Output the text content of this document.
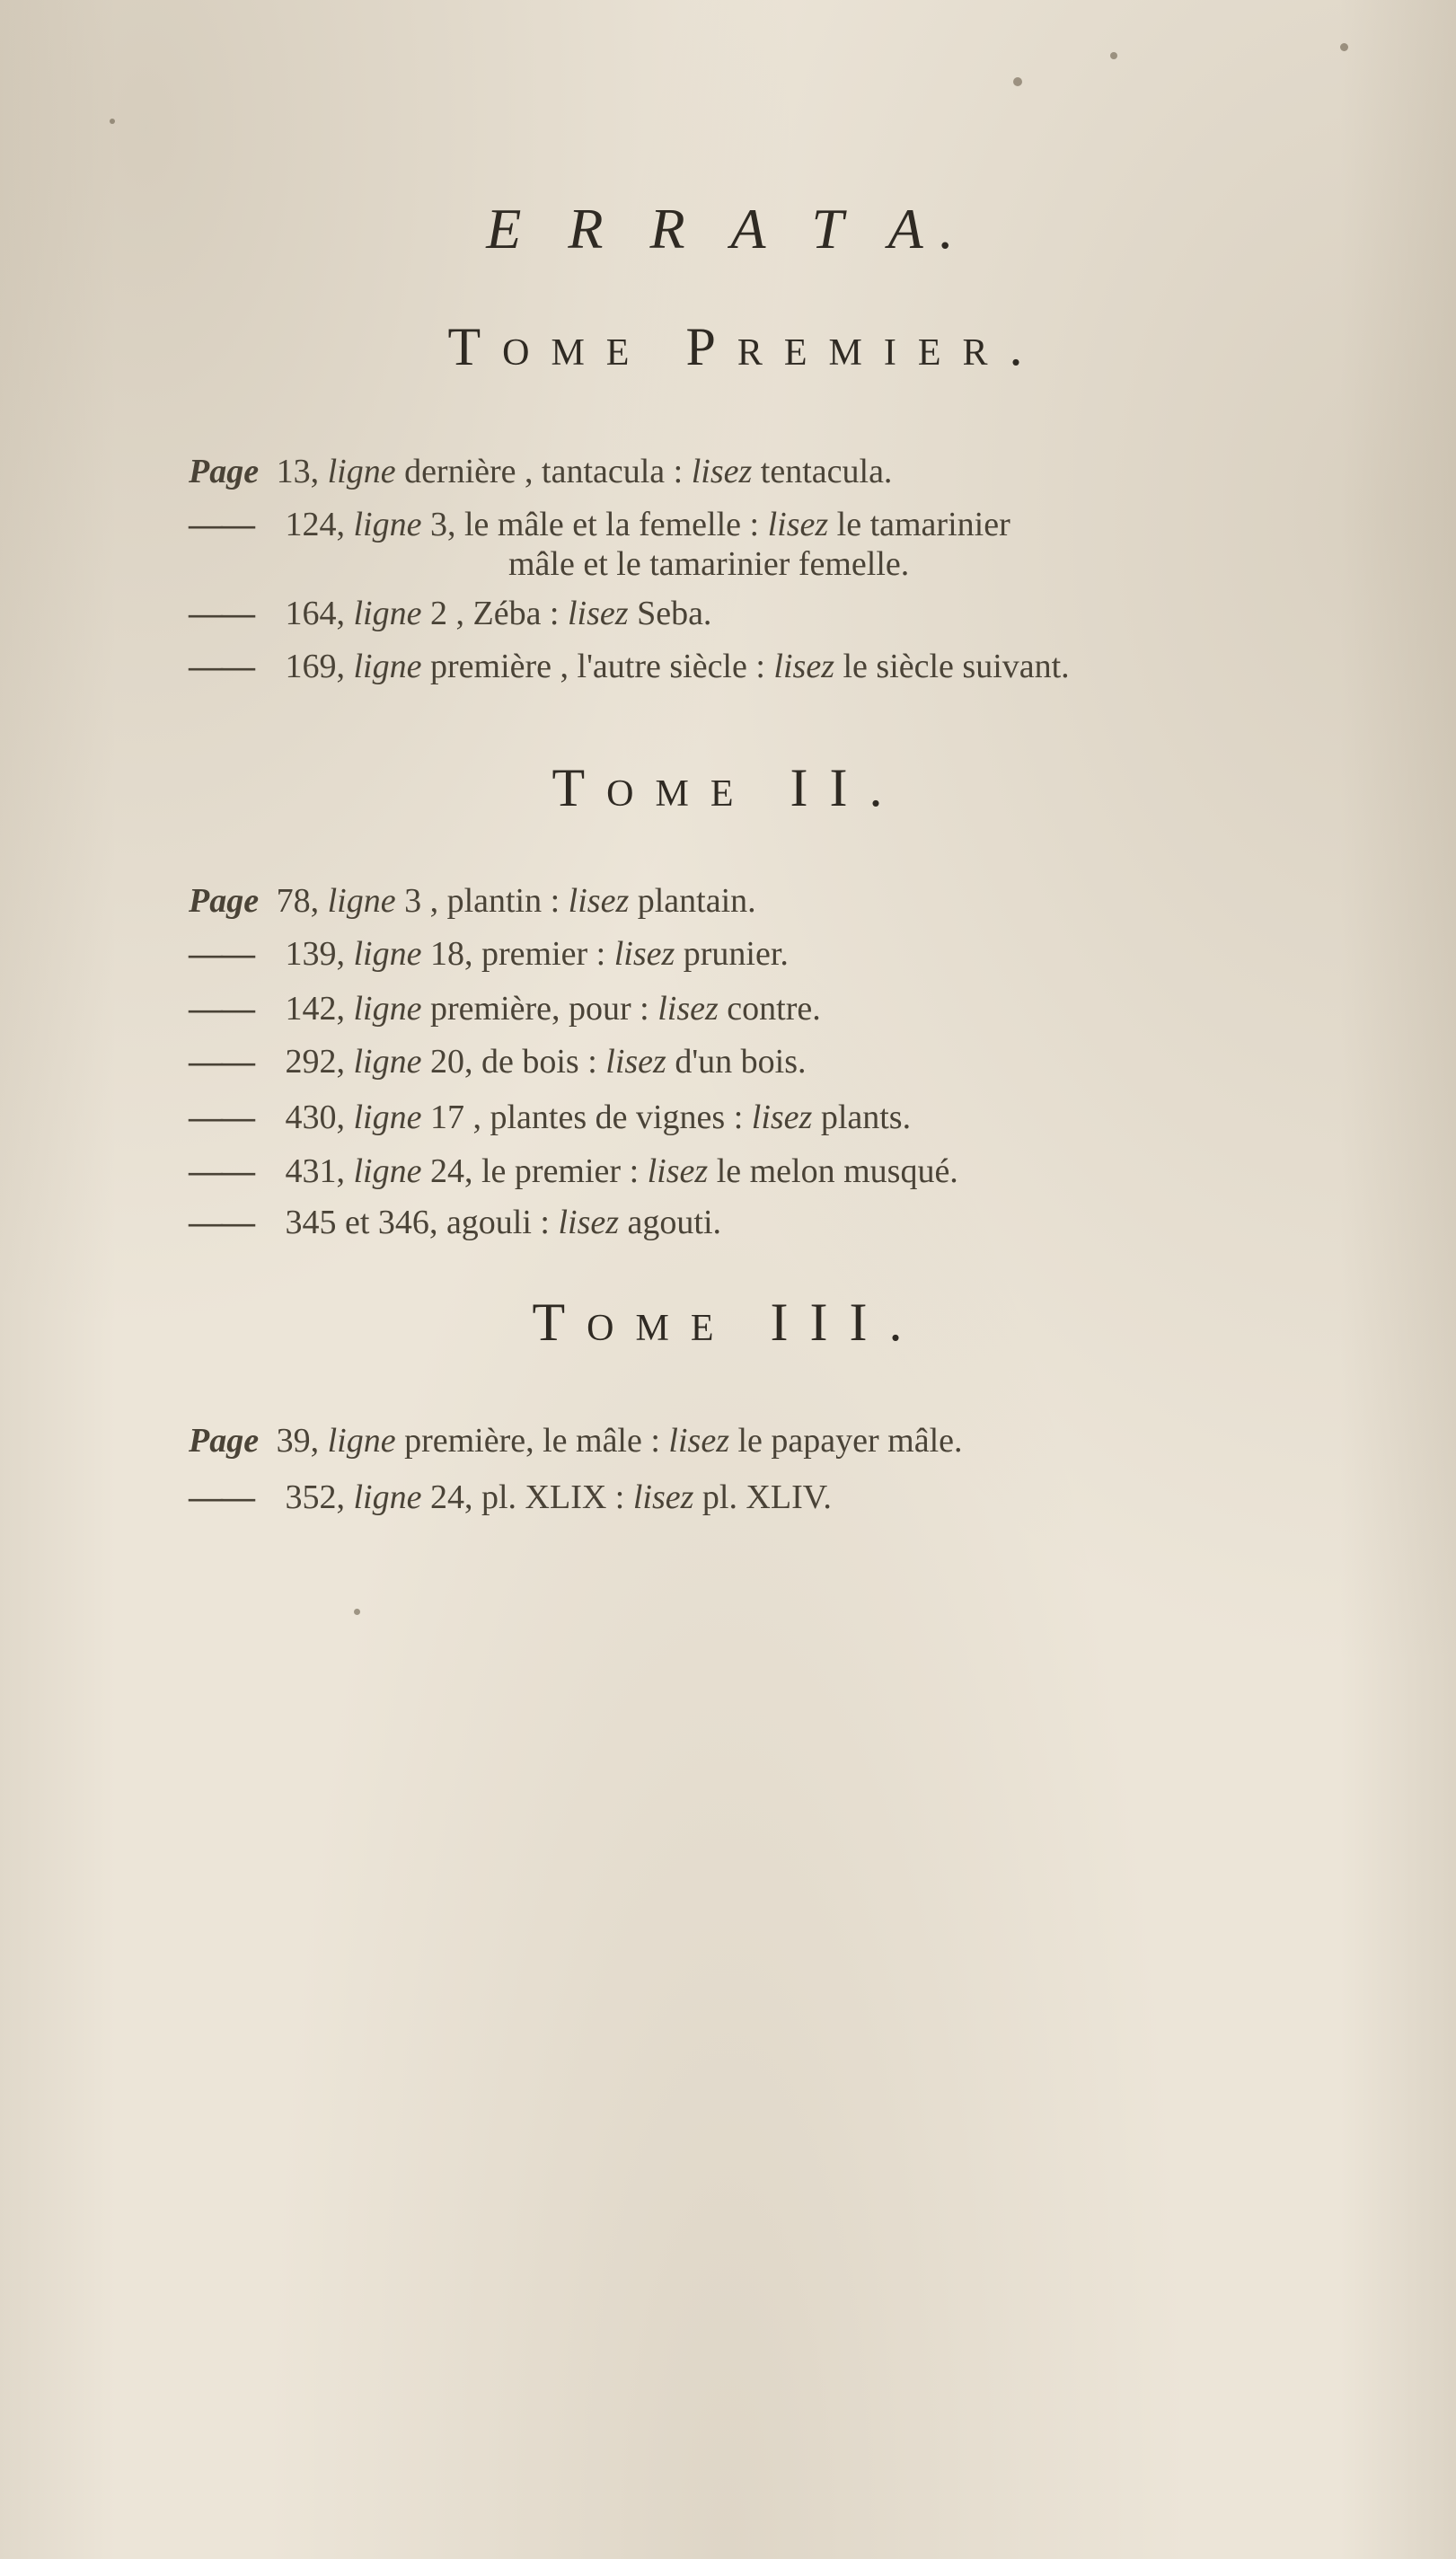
E R R A T A.
Tome Premier.
Page 13, ligne dernière , tantacula : lisez tentacula.
—— 124, ligne 3, le mâle et la femelle : lisez le tamarinier
mâle et le tamarinier femelle.
—— 164, ligne 2 , Zéba : lisez Seba.
—— 169, ligne première , l'autre siècle : lisez le siècle suivant.
Tome II.
Page 78, ligne 3 , plantin : lisez plantain.
—— 139, ligne 18, premier : lisez prunier.
—— 142, ligne première, pour : lisez contre.
—— 292, ligne 20, de bois : lisez d'un bois.
—— 430, ligne 17 , plantes de vignes : lisez plants.
—— 431, ligne 24, le premier : lisez le melon musqué.
—— 345 et 346, agouli : lisez agouti.
Tome III.
Page 39, ligne première, le mâle : lisez le papayer mâle.
—— 352, ligne 24, pl. XLIX : lisez pl. XLIV.
